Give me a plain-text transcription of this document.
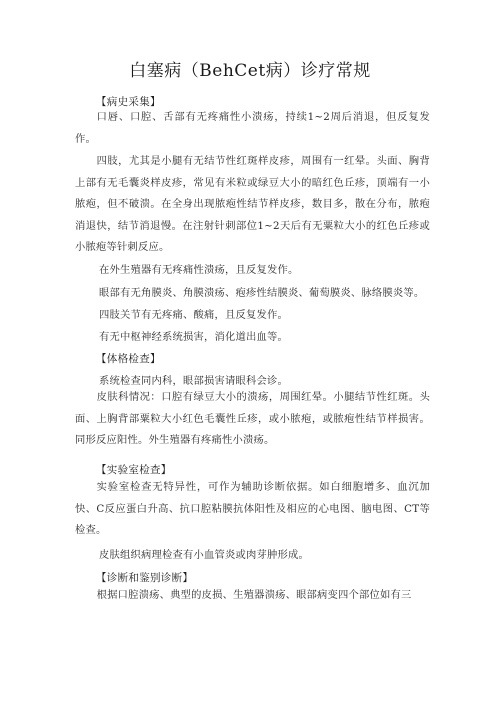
白塞病（BehCet病）诊疗常规
【病史采集】

口唇、口腔、舌部有无疼痛性小溃疡，持续1~2周后消退，但反复发作。

四肢，尤其是小腿有无结节性红斑样皮疹，周围有一红晕。头面、胸背上部有无毛囊炎样皮疹，常见有米粒或绿豆大小的暗红色丘疹，顶端有一小脓疱，但不破溃。在全身出现脓疱性结节样皮疹，数目多，散在分布，脓疱消退快，结节消退慢。在注射针刺部位1~2天后有无粟粒大小的红色丘疹或小脓疱等针刺反应。

在外生殖器有无疼痛性溃疡，且反复发作。
眼部有无角膜炎、角膜溃疡、疱疹性结膜炎、葡萄膜炎、脉络膜炎等。
四肢关节有无疼痛、酸痛，且反复发作。
有无中枢神经系统损害，消化道出血等。
【体格检查】
系统检查同内科，眼部损害请眼科会诊。

皮肤科情况：口腔有绿豆大小的溃疡，周围红晕。小腿结节性红斑。头面、上胸背部粟粒大小红色毛囊性丘疹，或小脓疱，或脓疱性结节样损害。同形反应阳性。外生殖器有疼痛性小溃疡。

【实验室检查】

实验室检查无特异性，可作为辅助诊断依据。如白细胞增多、血沉加快、C反应蛋白升高、抗口腔粘膜抗体阳性及相应的心电图、脑电图、CT等检查。

皮肤组织病理检查有小血管炎或肉芽肿形成。
【诊断和鉴别诊断】

根据口腔溃疡、典型的皮损、生殖器溃疡、眼部病变四个部位如有三
